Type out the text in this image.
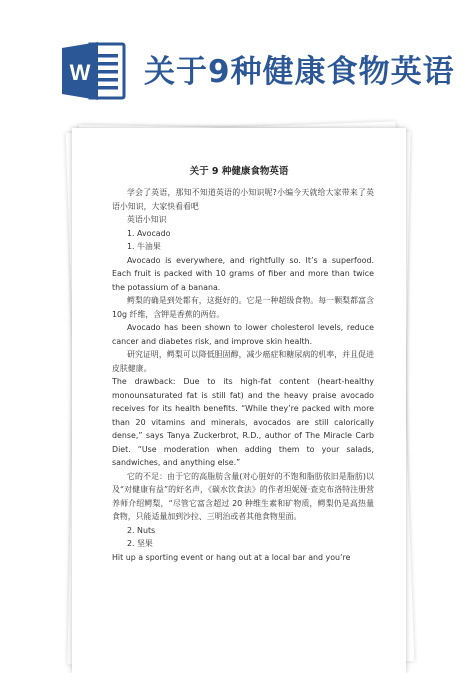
W 关于9种健康食物英语
关于 9 种健康食物英语

学会了英语，那知不知道英语的小知识呢?小编今天就给大家带来了英语小知识，大家快看看吧

英语小知识

1. Avocado

1. 牛油果

Avocado is everywhere, and rightfully so. It’s a superfood. Each fruit is packed with 10 grams of fiber and more than twice the potassium of a banana.

鳄梨的确是到处都有，这挺好的。它是一种超级食物。每一颗梨都富含 10g 纤维，含钾是香蕉的两倍。

Avocado has been shown to lower cholesterol levels, reduce cancer and diabetes risk, and improve skin health.

研究证明，鳄梨可以降低胆固醇，减少癌症和糖尿病的机率，并且促进皮肤健康。

The drawback: Due to its high-fat content (heart-healthy monounsaturated fat is still fat) and the heavy praise avocado receives for its health benefits. “While they’re packed with more than 20 vitamins and minerals, avocados are still calorically dense,” says Tanya Zuckerbrot, R.D., author of The Miracle Carb Diet. “Use moderation when adding them to your salads, sandwiches, and anything else.”

它的不足：由于它的高脂肪含量(对心脏好的不饱和脂肪依旧是脂肪)以及“对健康有益”的好名声，《碳水饮食法》的作者坦妮娅·查克布洛特注册营养师介绍鳄梨，“尽管它富含超过 20 种维生素和矿物质，鳄梨仍是高热量食物，只能适量加到沙拉、三明治或者其他食物里面。

2. Nuts

2. 坚果

Hit up a sporting event or hang out at a local bar and you’re
